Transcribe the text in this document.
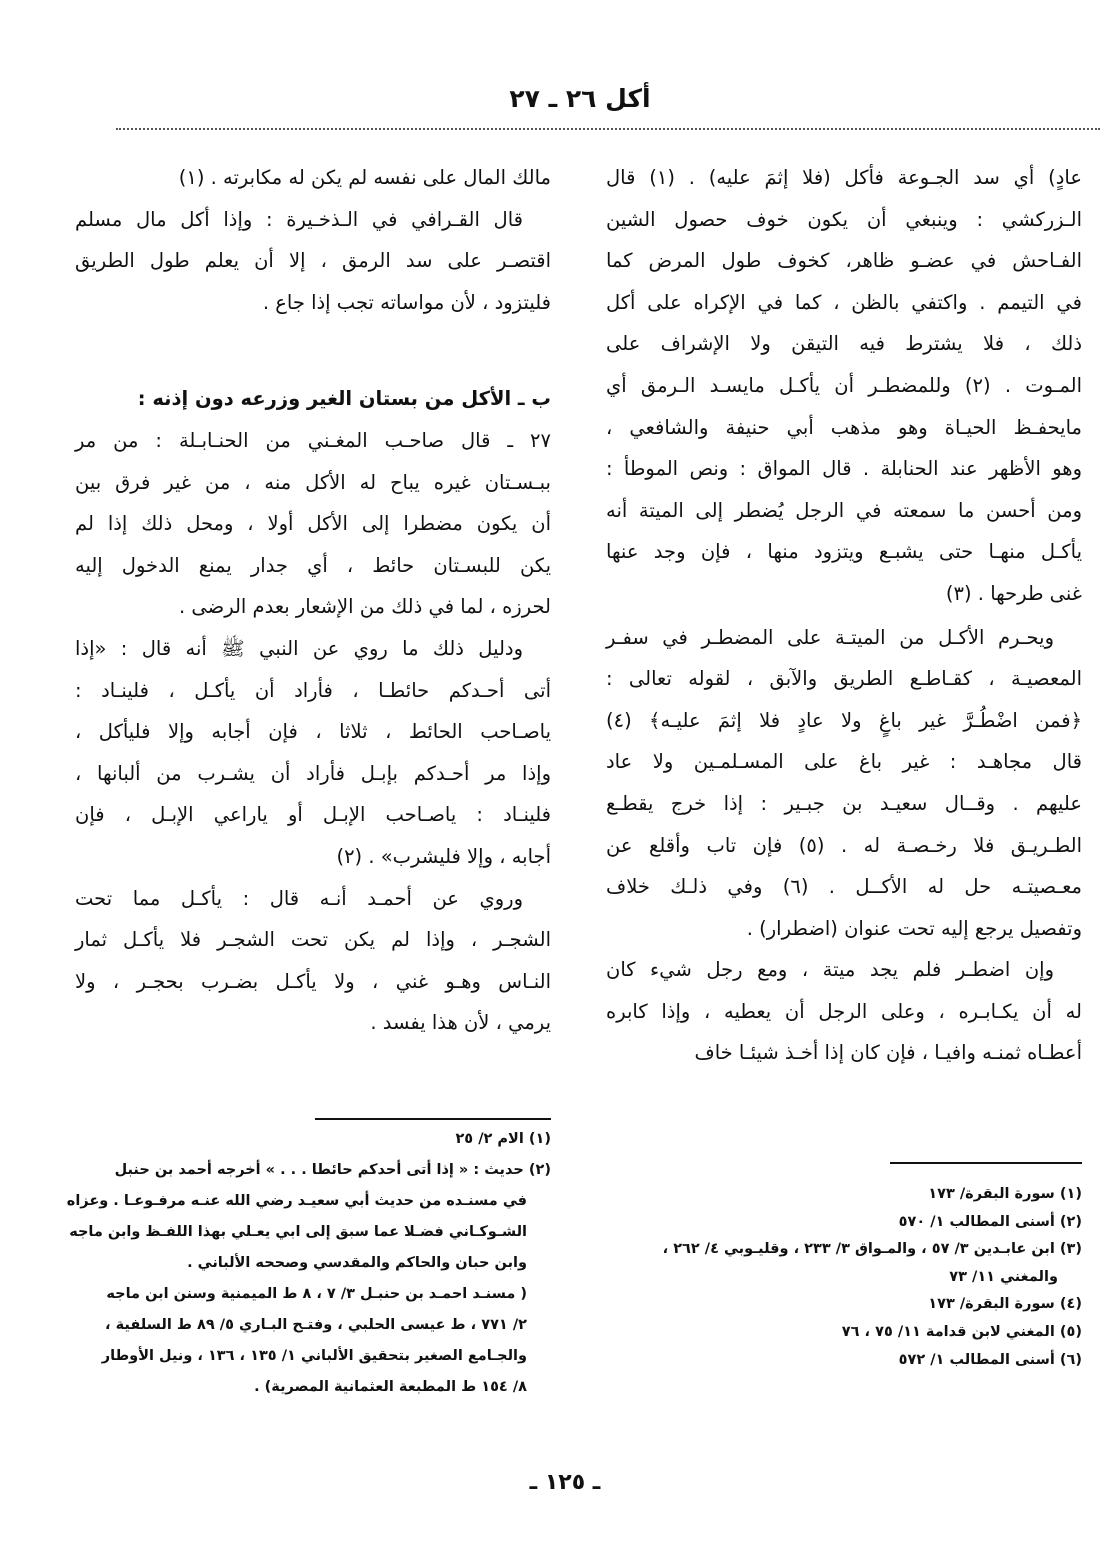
أكل ٢٦ ـ ٢٧
عادٍ) أي سد الجـوعة فأكل (فلا إثمَ عليه) . (١) قال
الـزركشي : وينبغي أن يكون خوف حصول الشين
الفـاحش في عضـو ظاهر، كخوف طول المرض كما
في التيمم . واكتفي بالظن ، كما في الإكراه على أكل
ذلك ، فلا يشترط فيه التيقن ولا الإشراف على
المـوت . (٢) وللمضطـر أن يأكـل مايسـد الـرمق أي
مايحفـظ الحيـاة وهو مذهب أبي حنيفة والشافعي ،
وهو الأظهر عند الحنابلة . قال المواق : ونص الموطأ :
ومن أحسن ما سمعته في الرجل يُضطر إلى الميتة أنه
يأكـل منهـا حتى يشبـع ويتزود منها ، فإن وجد عنها
غنى طرحها . (٣)
ويحـرم الأكـل من الميتـة على المضطـر في سفـر
المعصيـة ، كقـاطـع الطريق والآبق ، لقوله تعالى :
﴿فمن اضْطُـرَّ غير باغٍ ولا عادٍ فلا إثمَ عليـه﴾ (٤)
قال مجاهـد : غير باغ على المسـلمـين ولا عاد
عليهم . وقــال سعيـد بن جبـير : إذا خرج يقطـع
الطـريـق فلا رخـصـة له . (٥) فإن تاب وأقلع عن
معـصيتـه حل له الأكــل . (٦) وفي ذلـك خلاف
وتفصيل يرجع إليه تحت عنوان (اضطرار) .
وإن اضطـر فلم يجد ميتة ، ومع رجل شيء كان
له أن يكـابـره ، وعلى الرجل أن يعطيه ، وإذا كابره
أعطـاه ثمنـه وافيـا ، فإن كان إذا أخـذ شيئـا خاف
مالك المال على نفسه لم يكن له مكابرته . (١)
قال القـرافي في الـذخـيرة : وإذا أكل مال مسلم
اقتصـر على سد الرمق ، إلا أن يعلم طول الطريق
فليتزود ، لأن مواساته تجب إذا جاع .
ب ـ الأكل من بستان الغير وزرعه دون إذنه :
٢٧ ـ قال صاحـب المغـني من الحنـابـلة : من مر
ببـسـتان غيره يباح له الأكل منه ، من غير فرق بين
أن يكون مضطرا إلى الأكل أولا ، ومحل ذلك إذا لم
يكن للبسـتان حائط ، أي جدار يمنع الدخول إليه
لحرزه ، لما في ذلك من الإشعار بعدم الرضى .
ودليل ذلك ما روي عن النبي ﷺ أنه قال : «إذا
أتى أحـدكم حائطـا ، فأراد أن يأكـل ، فلينـاد :
ياصـاحب الحائط ، ثلاثا ، فإن أجابه وإلا فليأكل ،
وإذا مر أحـدكم بإبـل فأراد أن يشـرب من ألبانها ،
فلينـاد : ياصـاحب الإبـل أو ياراعي الإبـل ، فإن
أجابه ، وإلا فليشرب» . (٢)
وروي عن أحمـد أنـه قال : يأكـل مما تحت
الشجـر ، وإذا لم يكن تحت الشجـر فلا يأكـل ثمار
النـاس وهـو غني ، ولا يأكـل بضـرب بحجـر ، ولا
يرمي ، لأن هذا يفسد .
(١) الام ٢/ ٢٥
(٢) حديث : « إذا أتى أحدكم حائطا . . . » أخرجه أحمد بن حنبل
في مسنـده من حديث أبي سعيـد رضي الله عنـه مرفـوعـا . وعزاه
الشـوكـاني فضـلا عما سبق إلى ابي يعـلي بهذا اللفـظ وابن ماجه
وابن حبان والحاكم والمقدسي وصححه الألباني .
( مسنـد احمـد بن حنبـل ٣/ ٧ ، ٨ ط الميمنية وسنن ابن ماجه
٢/ ٧٧١ ، ط عيسى الحلبي ، وفتـح البـاري ٥/ ٨٩ ط السلفية ،
والجـامع الصغير بتحقيق الألباني ١/ ١٣٥ ، ١٣٦ ، ونيل الأوطار
٨/ ١٥٤ ط المطبعة العثمانية المصرية) .
(١) سورة البقرة/ ١٧٣
(٢) أسنى المطالب ١/ ٥٧٠
(٣) ابن عابـدين ٣/ ٥٧ ، والمـواق ٣/ ٢٣٣ ، وقليـوبي ٤/ ٢٦٢ ،
والمغني ١١/ ٧٣
(٤) سورة البقرة/ ١٧٣
(٥) المغني لابن قدامة ١١/ ٧٥ ، ٧٦
(٦) أسنى المطالب ١/ ٥٧٢
ـ ١٢٥ ـ
